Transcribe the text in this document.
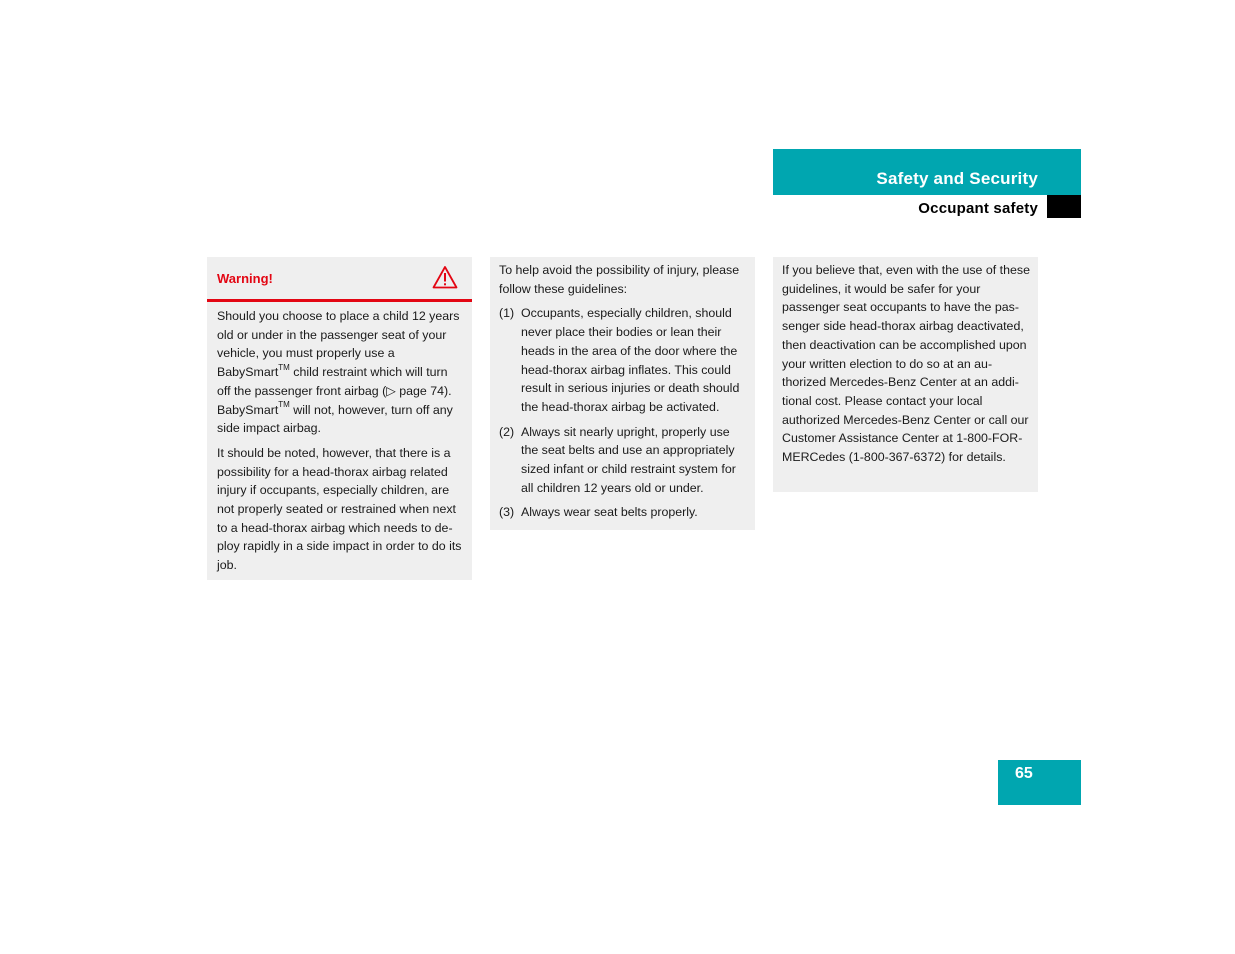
Safety and Security
Occupant safety
Warning!

Should you choose to place a child 12 years old or under in the passenger seat of your vehicle, you must properly use a BabySmart™ child restraint which will turn off the passenger front airbag (▷ page 74). BabySmart™ will not, however, turn off any side impact airbag.

It should be noted, however, that there is a possibility for a head-thorax airbag related injury if occupants, especially children, are not properly seated or restrained when next to a head-thorax airbag which needs to de-ploy rapidly in a side impact in order to do its job.

To help avoid the possibility of injury, please follow these guidelines:

(1) Occupants, especially children, should never place their bodies or lean their heads in the area of the door where the head-thorax airbag inflates. This could result in serious injuries or death should the head-thorax airbag be activated.
(2) Always sit nearly upright, properly use the seat belts and use an appropriately sized infant or child restraint system for all children 12 years old or under.
(3) Always wear seat belts properly.

If you believe that, even with the use of these guidelines, it would be safer for your passenger seat occupants to have the pas-senger side head-thorax airbag deactivated, then deactivation can be accomplished upon your written election to do so at an au-thorized Mercedes-Benz Center at an addi-tional cost. Please contact your local authorized Mercedes-Benz Center or call our Customer Assistance Center at 1-800-FOR-MERCedes (1-800-367-6372) for details.

65
